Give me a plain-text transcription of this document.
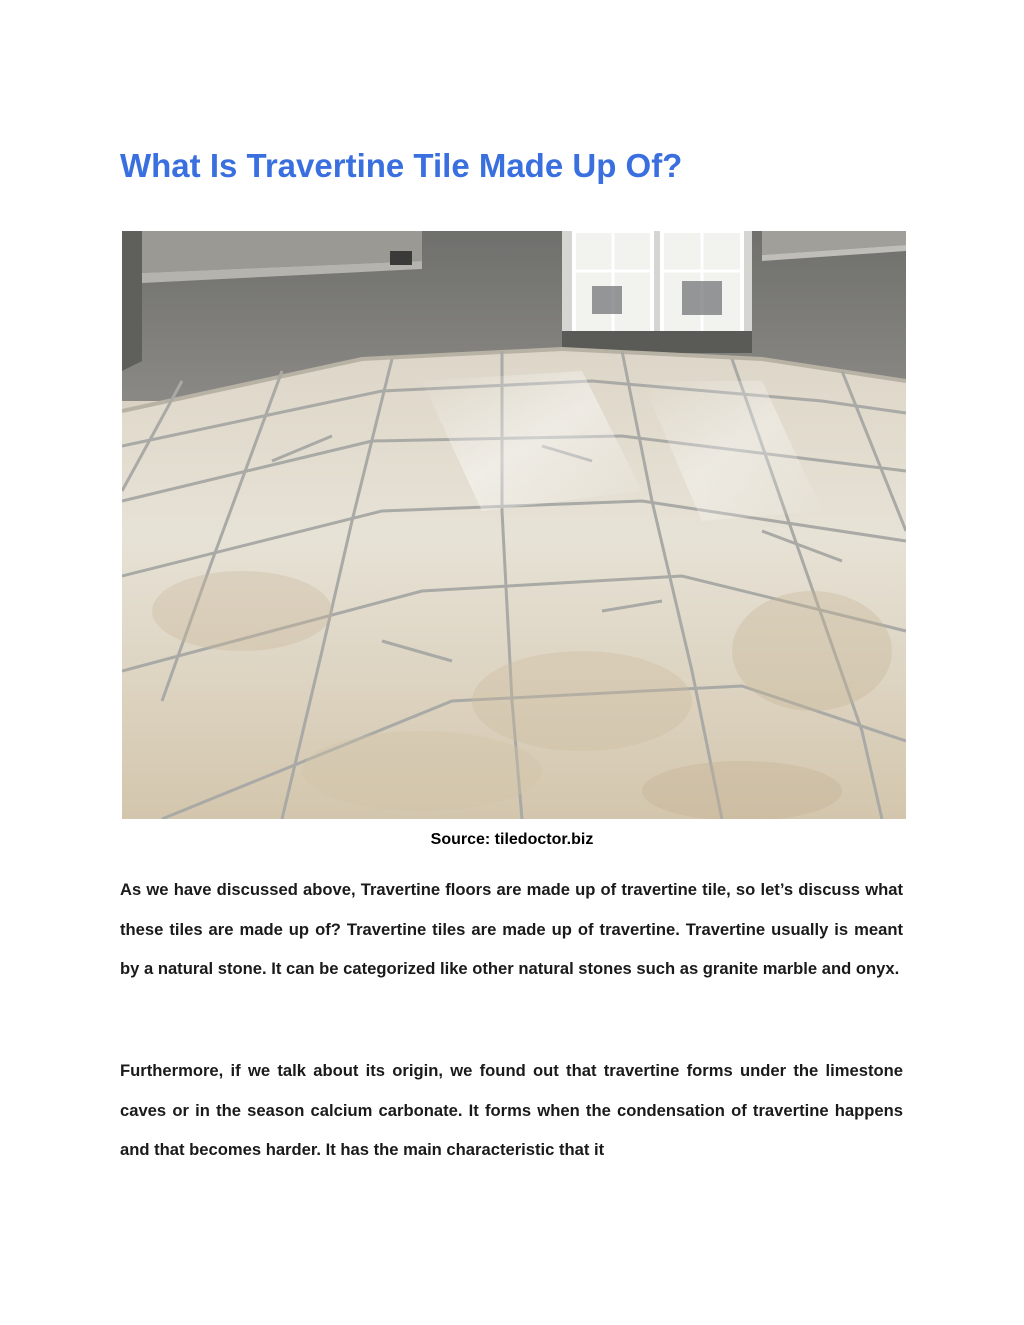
What Is Travertine Tile Made Up Of?
Source: tiledoctor.biz

As we have discussed above, Travertine floors are made up of travertine tile, so let’s discuss what these tiles are made up of? Travertine tiles are made up of travertine. Travertine usually is meant by a natural stone. It can be categorized like other natural stones such as granite marble and onyx.

Furthermore, if we talk about its origin, we found out that travertine forms under the limestone caves or in the season calcium carbonate. It forms when the condensation of travertine happens and that becomes harder. It has the main characteristic that it
